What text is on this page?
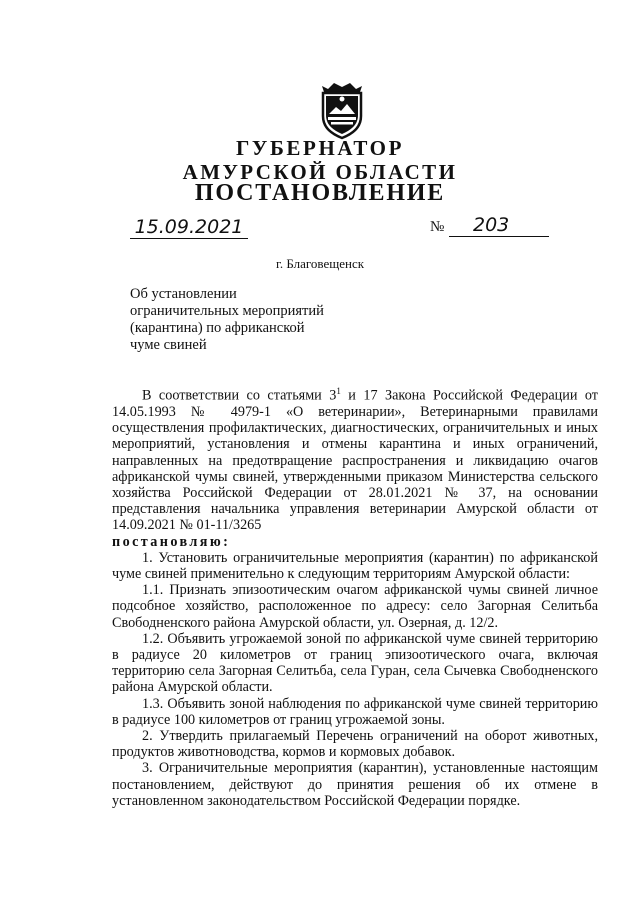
ГУБЕРНАТОР
АМУРСКОЙ ОБЛАСТИ
ПОСТАНОВЛЕНИЕ
15.09.2021	№	203
г. Благовещенск
Об установлении
ограничительных мероприятий
(карантина) по африканской
чуме свиней

В соответствии со статьями $3^1$ и 17 Закона Российской Федерации от 14.05.1993 № 4979-1 «О ветеринарии», Ветеринарными правилами осуществления профилактических, диагностических, ограничительных и иных мероприятий, установления и отмены карантина и иных ограничений, направленных на предотвращение распространения и ликвидацию очагов африканской чумы свиней, утвержденными приказом Министерства сельского хозяйства Российской Федерации от 28.01.2021 № 37, на основании представления начальника управления ветеринарии Амурской области от 14.09.2021 № 01-11/3265

постановляю:

1. Установить ограничительные мероприятия (карантин) по африканской чуме свиней применительно к следующим территориям Амурской области:

1.1. Признать эпизоотическим очагом африканской чумы свиней личное подсобное хозяйство, расположенное по адресу: село Загорная Селитьба Свободненского района Амурской области, ул. Озерная, д. 12/2.

1.2. Объявить угрожаемой зоной по африканской чуме свиней территорию в радиусе 20 километров от границ эпизоотического очага, включая территорию села Загорная Селитьба, села Гуран, села Сычевка Свободненского района Амурской области.

1.3. Объявить зоной наблюдения по африканской чуме свиней территорию в радиусе 100 километров от границ угрожаемой зоны.

2. Утвердить прилагаемый Перечень ограничений на оборот животных, продуктов животноводства, кормов и кормовых добавок.

3. Ограничительные мероприятия (карантин), установленные настоящим постановлением, действуют до принятия решения об их отмене в установленном законодательством Российской Федерации порядке.
